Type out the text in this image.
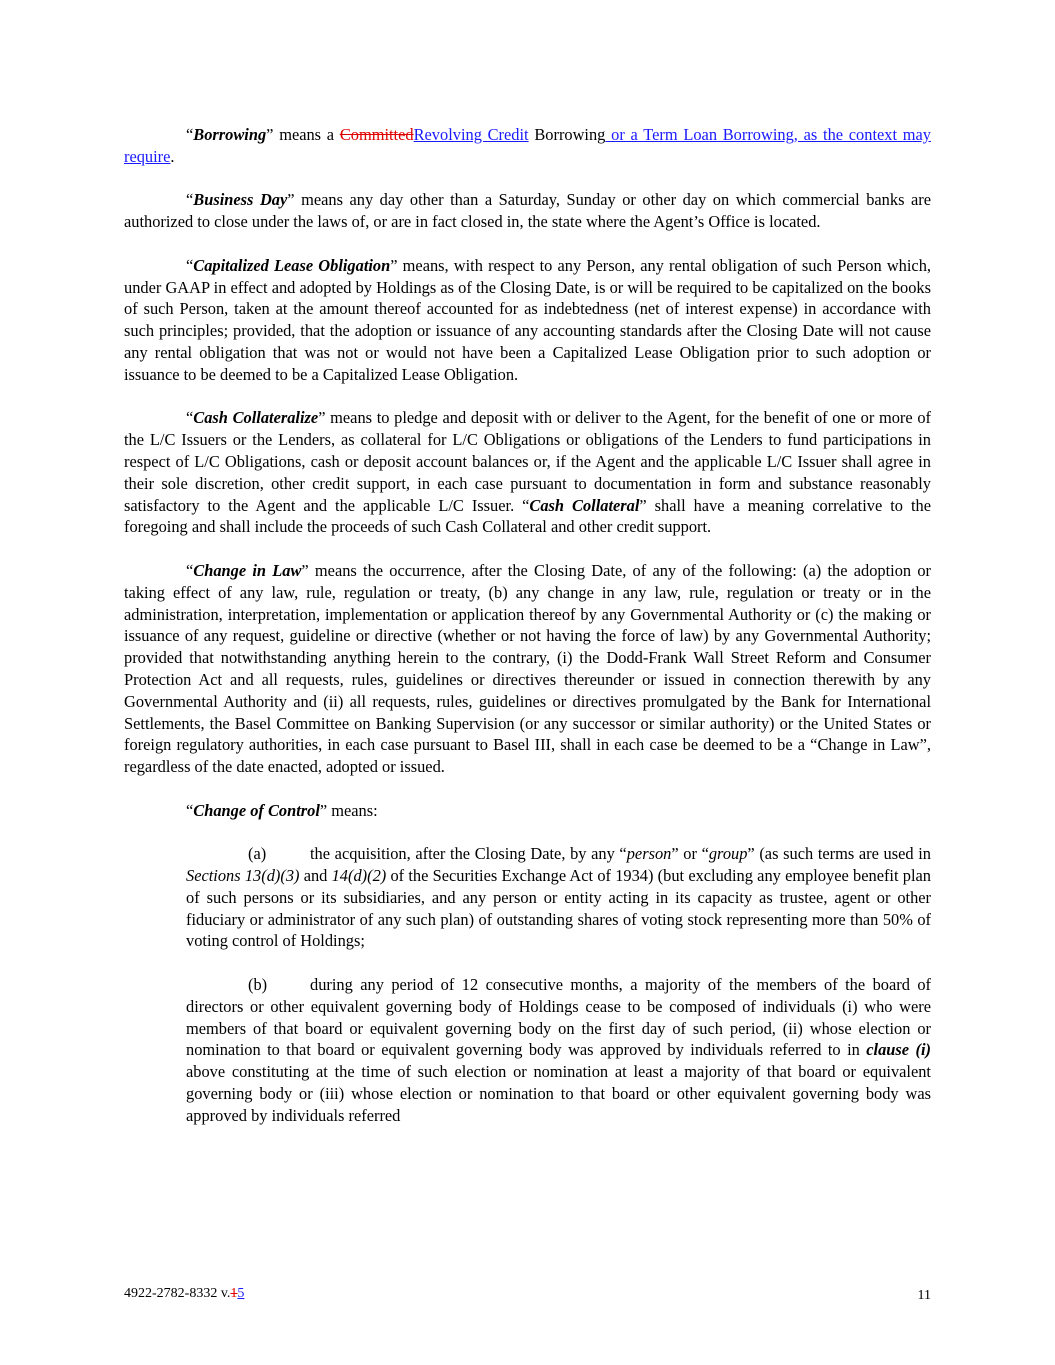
“Borrowing” means a CommittedRevolving Credit Borrowing or a Term Loan Borrowing, as the context may require.

“Business Day” means any day other than a Saturday, Sunday or other day on which commercial banks are authorized to close under the laws of, or are in fact closed in, the state where the Agent’s Office is located.

“Capitalized Lease Obligation” means, with respect to any Person, any rental obligation of such Person which, under GAAP in effect and adopted by Holdings as of the Closing Date, is or will be required to be capitalized on the books of such Person, taken at the amount thereof accounted for as indebtedness (net of interest expense) in accordance with such principles; provided, that the adoption or issuance of any accounting standards after the Closing Date will not cause any rental obligation that was not or would not have been a Capitalized Lease Obligation prior to such adoption or issuance to be deemed to be a Capitalized Lease Obligation.

“Cash Collateralize” means to pledge and deposit with or deliver to the Agent, for the benefit of one or more of the L/C Issuers or the Lenders, as collateral for L/C Obligations or obligations of the Lenders to fund participations in respect of L/C Obligations, cash or deposit account balances or, if the Agent and the applicable L/C Issuer shall agree in their sole discretion, other credit support, in each case pursuant to documentation in form and substance reasonably satisfactory to the Agent and the applicable L/C Issuer. “Cash Collateral” shall have a meaning correlative to the foregoing and shall include the proceeds of such Cash Collateral and other credit support.

“Change in Law” means the occurrence, after the Closing Date, of any of the following: (a) the adoption or taking effect of any law, rule, regulation or treaty, (b) any change in any law, rule, regulation or treaty or in the administration, interpretation, implementation or application thereof by any Governmental Authority or (c) the making or issuance of any request, guideline or directive (whether or not having the force of law) by any Governmental Authority; provided that notwithstanding anything herein to the contrary, (i) the Dodd-Frank Wall Street Reform and Consumer Protection Act and all requests, rules, guidelines or directives thereunder or issued in connection therewith by any Governmental Authority and (ii) all requests, rules, guidelines or directives promulgated by the Bank for International Settlements, the Basel Committee on Banking Supervision (or any successor or similar authority) or the United States or foreign regulatory authorities, in each case pursuant to Basel III, shall in each case be deemed to be a “Change in Law”, regardless of the date enacted, adopted or issued.

“Change of Control” means:

(a)	the acquisition, after the Closing Date, by any “person” or “group” (as such terms are used in Sections 13(d)(3) and 14(d)(2) of the Securities Exchange Act of 1934) (but excluding any employee benefit plan of such persons or its subsidiaries, and any person or entity acting in its capacity as trustee, agent or other fiduciary or administrator of any such plan) of outstanding shares of voting stock representing more than 50% of voting control of Holdings;

(b)	during any period of 12 consecutive months, a majority of the members of the board of directors or other equivalent governing body of Holdings cease to be composed of individuals (i) who were members of that board or equivalent governing body on the first day of such period, (ii) whose election or nomination to that board or equivalent governing body was approved by individuals referred to in clause (i) above constituting at the time of such election or nomination at least a majority of that board or equivalent governing body or (iii) whose election or nomination to that board or other equivalent governing body was approved by individuals referred

4922-2782-8332 v.15	11
